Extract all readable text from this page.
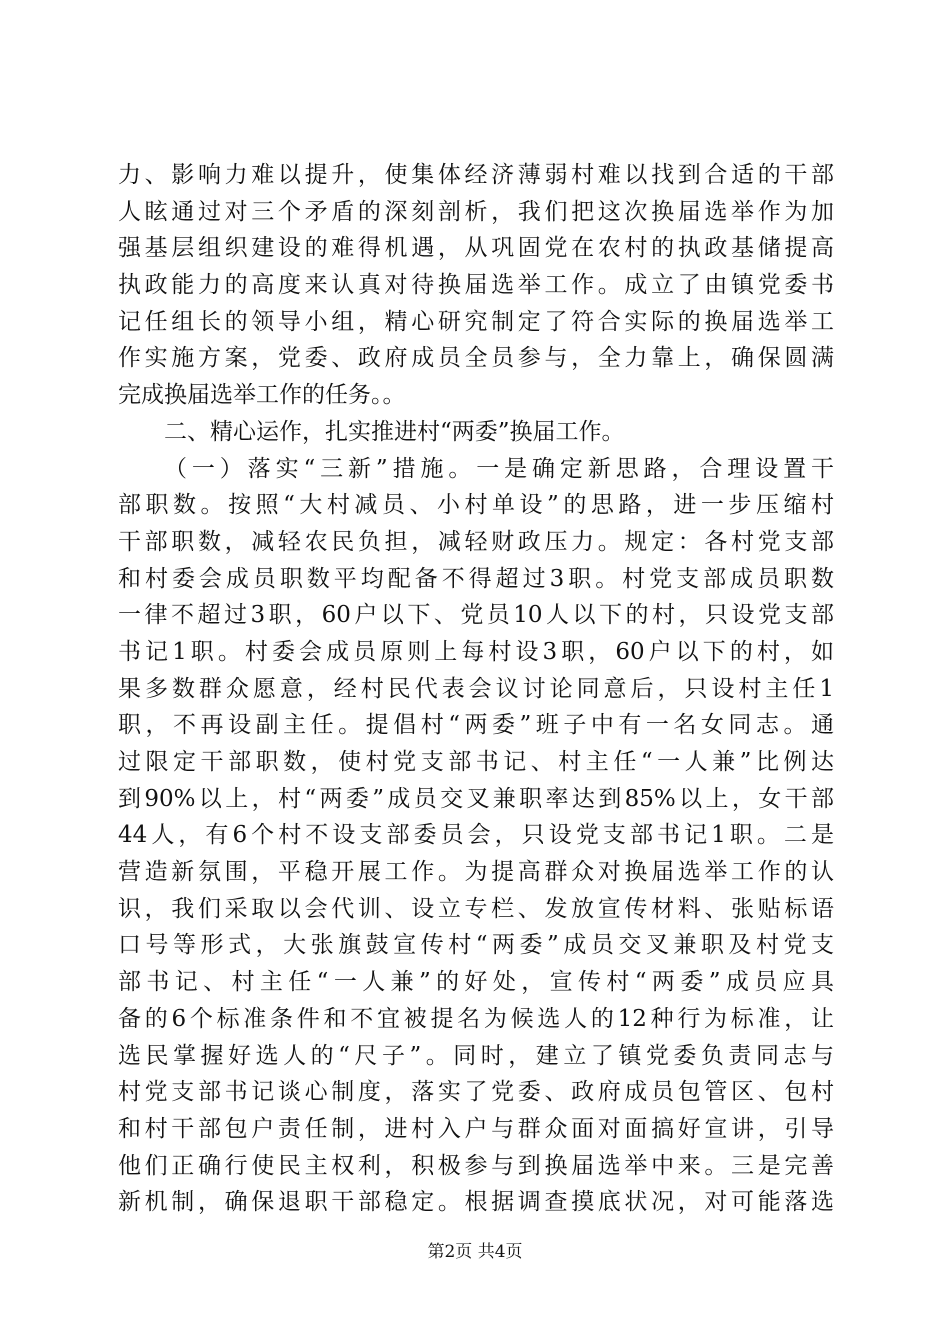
力、影响力难以提升，使集体经济薄弱村难以找到合适的干部
人眩通过对三个矛盾的深刻剖析，我们把这次换届选举作为加
强基层组织建设的难得机遇，从巩固党在农村的执政基储提高
执政能力的高度来认真对待换届选举工作。成立了由镇党委书
记任组长的领导小组，精心研究制定了符合实际的换届选举工
作实施方案，党委、政府成员全员参与，全力靠上，确保圆满
完成换届选举工作的任务。。
二、精心运作，扎实推进村“两委”换届工作。
（一）落实“三新”措施。一是确定新思路，合理设置干
部职数。按照“大村减员、小村单设”的思路，进一步压缩村
干部职数，减轻农民负担，减轻财政压力。规定：各村党支部
和村委会成员职数平均配备不得超过3职。村党支部成员职数
一律不超过3职，60户以下、党员10人以下的村，只设党支部
书记1职。村委会成员原则上每村设3职，60户以下的村，如
果多数群众愿意，经村民代表会议讨论同意后，只设村主任1
职，不再设副主任。提倡村“两委”班子中有一名女同志。通
过限定干部职数，使村党支部书记、村主任“一人兼”比例达
到90%以上，村“两委”成员交叉兼职率达到85%以上，女干部
44人，有6个村不设支部委员会，只设党支部书记1职。二是
营造新氛围，平稳开展工作。为提高群众对换届选举工作的认
识，我们采取以会代训、设立专栏、发放宣传材料、张贴标语
口号等形式，大张旗鼓宣传村“两委”成员交叉兼职及村党支
部书记、村主任“一人兼”的好处，宣传村“两委”成员应具
备的6个标准条件和不宜被提名为候选人的12种行为标准，让
选民掌握好选人的“尺子”。同时，建立了镇党委负责同志与
村党支部书记谈心制度，落实了党委、政府成员包管区、包村
和村干部包户责任制，进村入户与群众面对面搞好宣讲，引导
他们正确行使民主权利，积极参与到换届选举中来。三是完善
新机制，确保退职干部稳定。根据调查摸底状况，对可能落选
第2页 共4页
